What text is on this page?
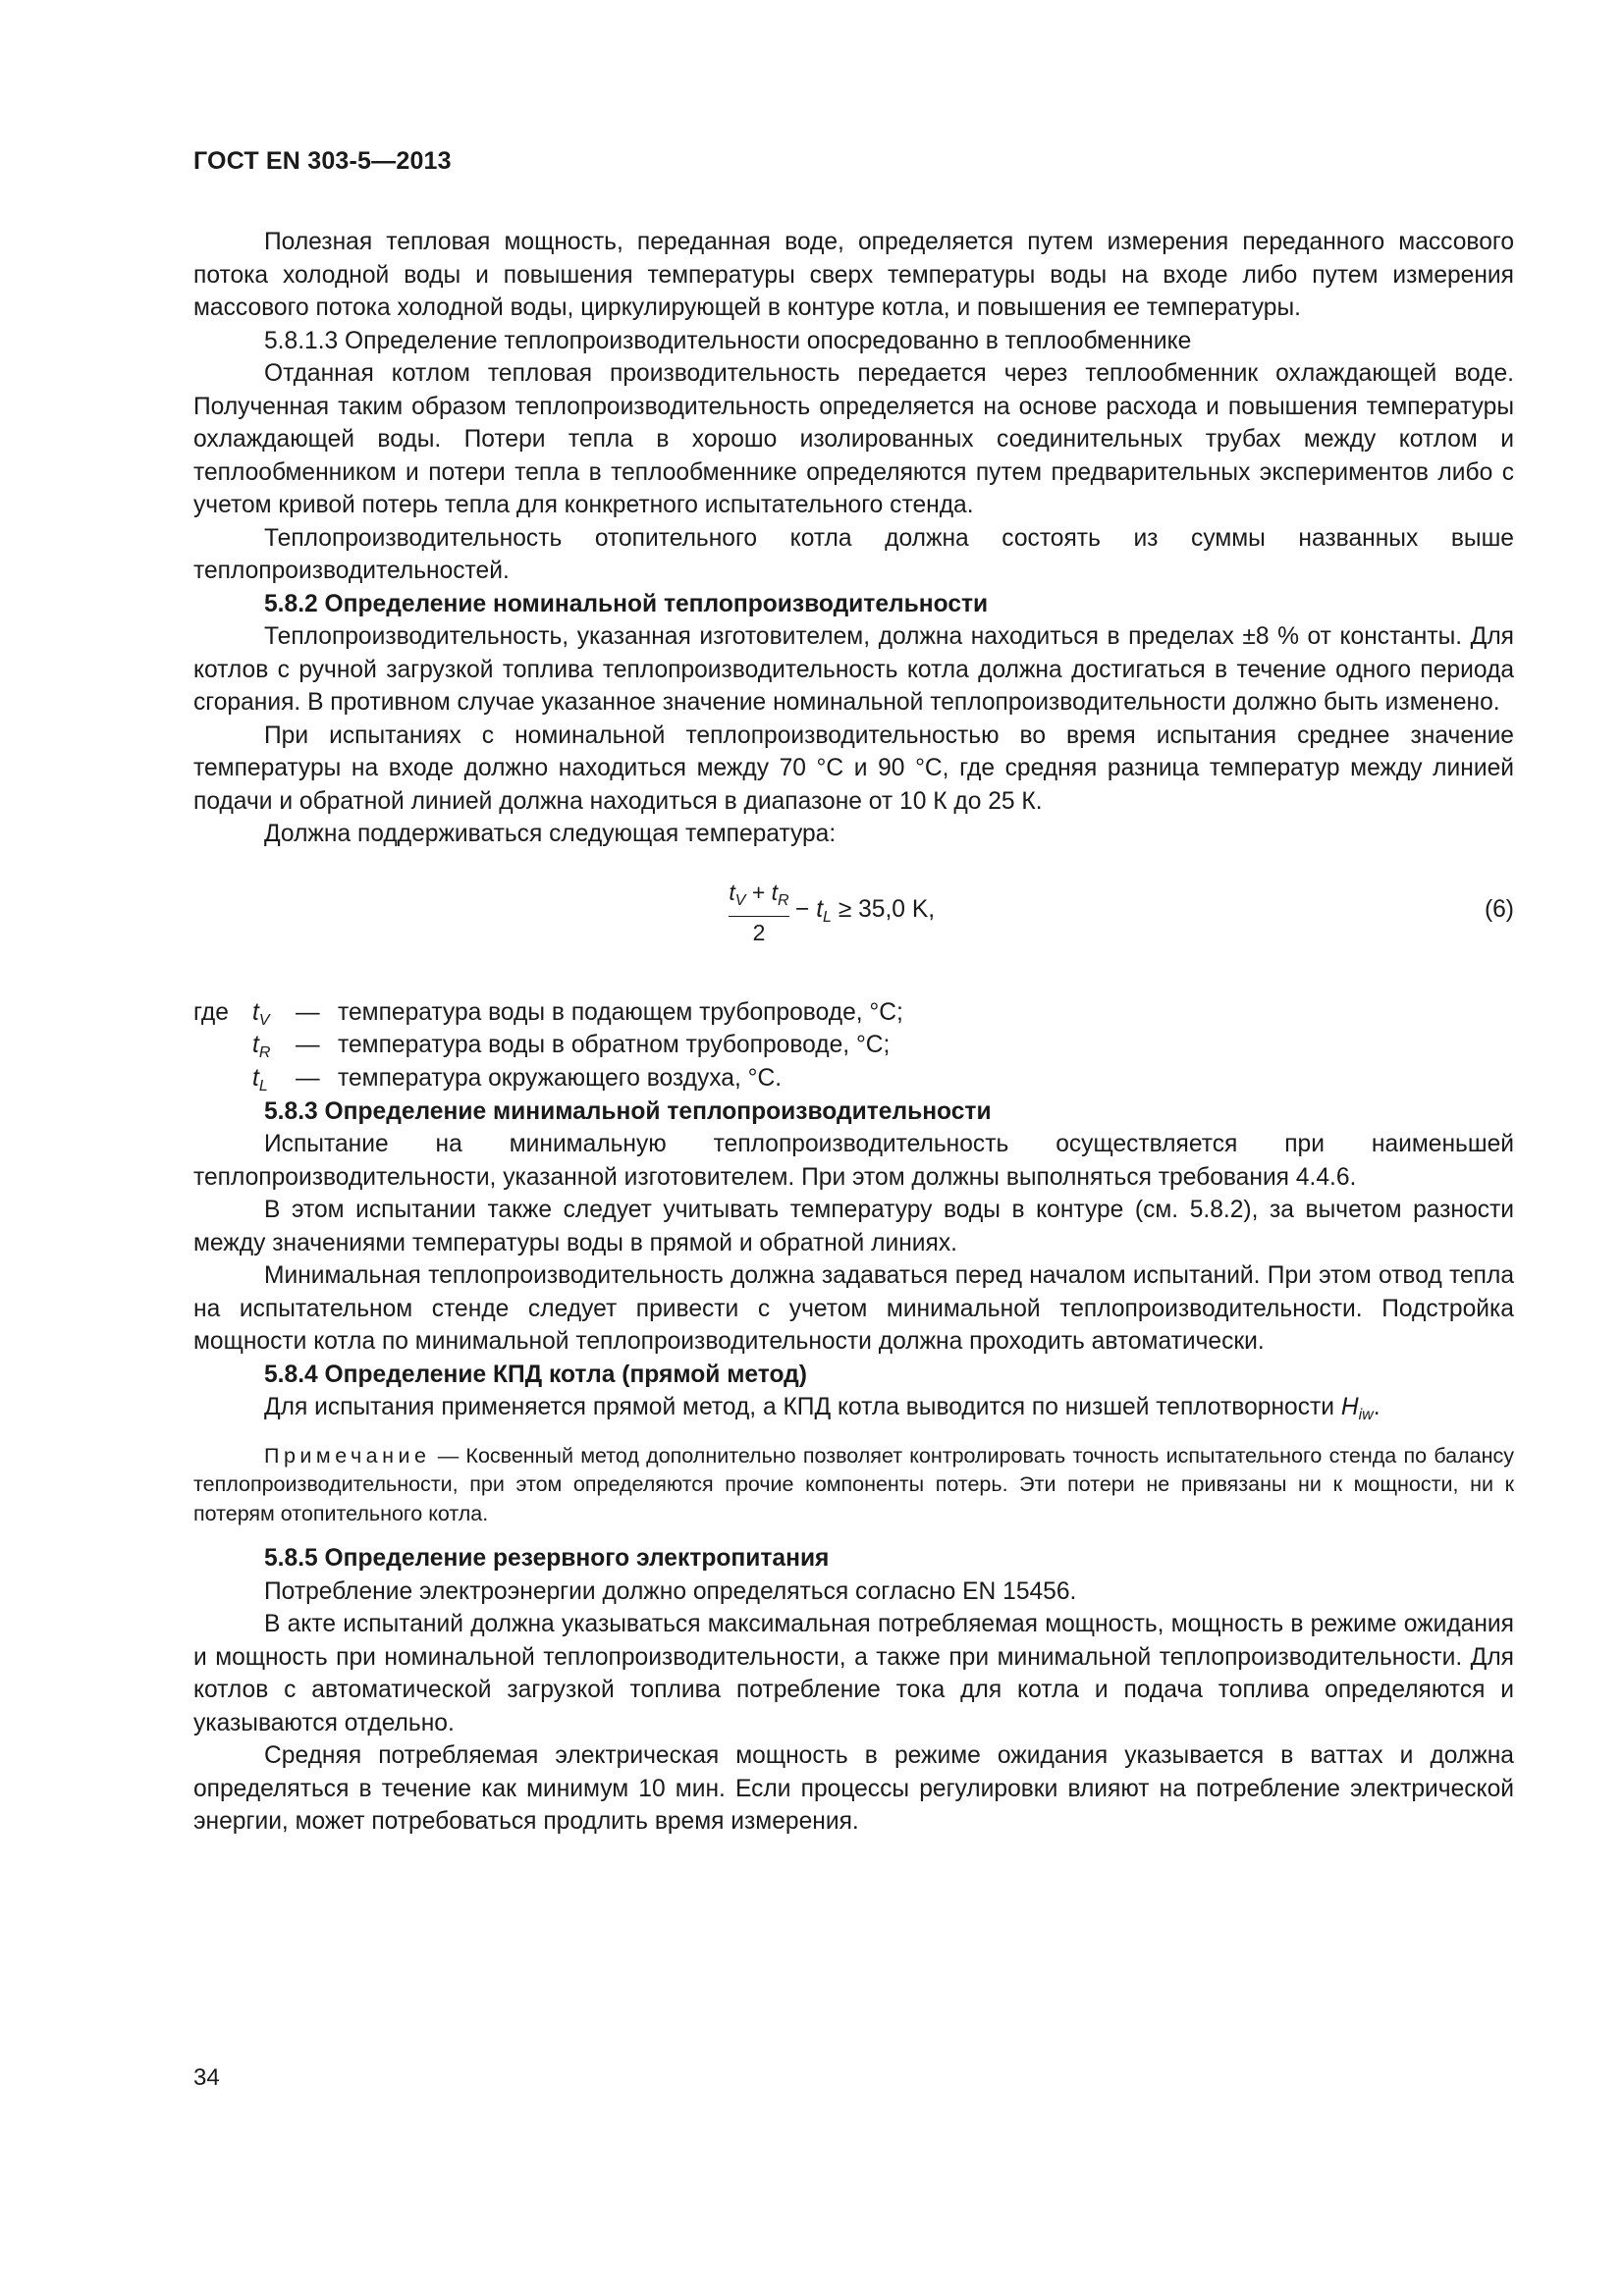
ГОСТ EN 303-5—2013

Полезная тепловая мощность, переданная воде, определяется путем измерения переданного массового потока холодной воды и повышения температуры сверх температуры воды на входе либо путем измерения массового потока холодной воды, циркулирующей в контуре котла, и повышения ее температуры.

5.8.1.3 Определение теплопроизводительности опосредованно в теплообменнике

Отданная котлом тепловая производительность передается через теплообменник охлаждающей воде. Полученная таким образом теплопроизводительность определяется на основе расхода и повышения температуры охлаждающей воды. Потери тепла в хорошо изолированных соединительных трубах между котлом и теплообменником и потери тепла в теплообменнике определяются путем предварительных экспериментов либо с учетом кривой потерь тепла для конкретного испытательного стенда.

Теплопроизводительность отопительного котла должна состоять из суммы названных выше теплопроизводительностей.

5.8.2 Определение номинальной теплопроизводительности

Теплопроизводительность, указанная изготовителем, должна находиться в пределах ±8 % от константы. Для котлов с ручной загрузкой топлива теплопроизводительность котла должна достигаться в течение одного периода сгорания. В противном случае указанное значение номинальной теплопроизводительности должно быть изменено.

При испытаниях с номинальной теплопроизводительностью во время испытания среднее значение температуры на входе должно находиться между 70 °С и 90 °С, где средняя разница температур между линией подачи и обратной линией должна находиться в диапазоне от 10 К до 25 К.

Должна поддерживаться следующая температура:

$\frac{t_V + t_R}{2} - t_L \ge 35,0$ K,	(6)
где $t_V$ — температура воды в подающем трубопроводе, °С;
$t_R$ — температура воды в обратном трубопроводе, °С;
$t_L$ — температура окружающего воздуха, °С.

5.8.3 Определение минимальной теплопроизводительности

Испытание на минимальную теплопроизводительность осуществляется при наименьшей теплопроизводительности, указанной изготовителем. При этом должны выполняться требования 4.4.6.

В этом испытании также следует учитывать температуру воды в контуре (см. 5.8.2), за вычетом разности между значениями температуры воды в прямой и обратной линиях.

Минимальная теплопроизводительность должна задаваться перед началом испытаний. При этом отвод тепла на испытательном стенде следует привести с учетом минимальной теплопроизводительности. Подстройка мощности котла по минимальной теплопроизводительности должна проходить автоматически.

5.8.4 Определение КПД котла (прямой метод)

Для испытания применяется прямой метод, а КПД котла выводится по низшей теплотворности $H_{iw}$.

Примечание — Косвенный метод дополнительно позволяет контролировать точность испытательного стенда по балансу теплопроизводительности, при этом определяются прочие компоненты потерь. Эти потери не привязаны ни к мощности, ни к потерям отопительного котла.

5.8.5 Определение резервного электропитания

Потребление электроэнергии должно определяться согласно EN 15456.

В акте испытаний должна указываться максимальная потребляемая мощность, мощность в режиме ожидания и мощность при номинальной теплопроизводительности, а также при минимальной теплопроизводительности. Для котлов с автоматической загрузкой топлива потребление тока для котла и подача топлива определяются и указываются отдельно.

Средняя потребляемая электрическая мощность в режиме ожидания указывается в ваттах и должна определяться в течение как минимум 10 мин. Если процессы регулировки влияют на потребление электрической энергии, может потребоваться продлить время измерения.

34
